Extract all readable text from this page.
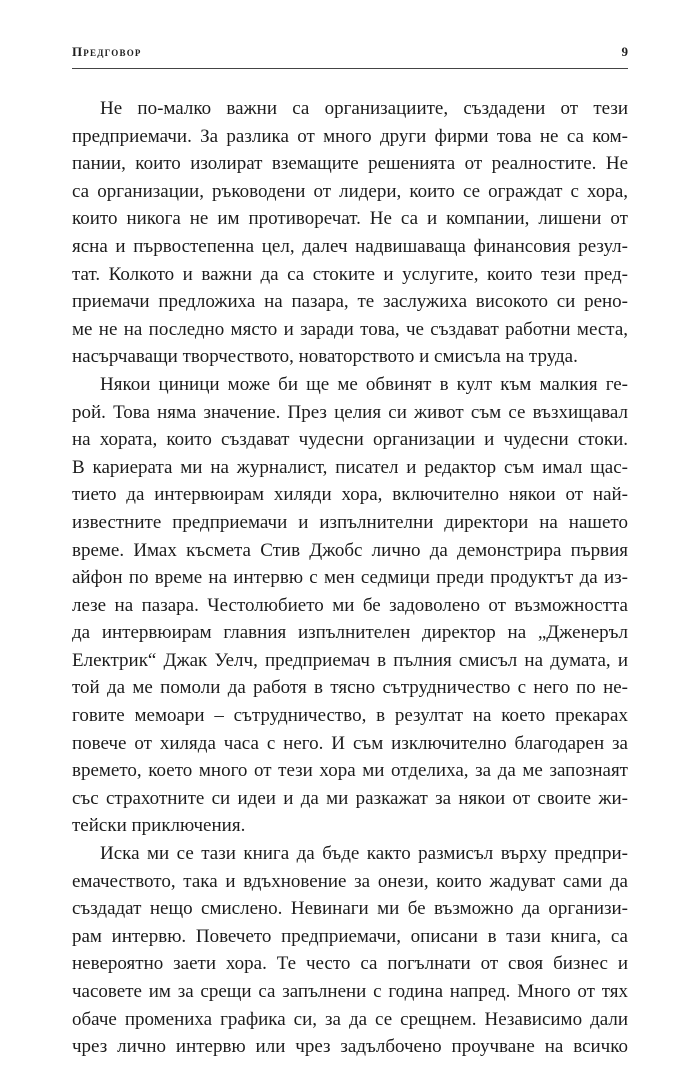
Предговор	9
Не по-малко важни са организациите, създадени от тези
предприемачи. За разлика от много други фирми това не са ком-
пании, които изолират вземащите решенията от реалностите. Не
са организации, ръководени от лидери, които се ограждат с хора,
които никога не им противоречат. Не са и компании, лишени от
ясна и първостепенна цел, далеч надвишаваща финансовия резул-
тат. Колкото и важни да са стоките и услугите, които тези пред-
приемачи предложиха на пазара, те заслужиха високото си рено-
ме не на последно място и заради това, че създават работни места,
насърчаващи творчеството, новаторството и смисъла на труда.
Някои циници може би ще ме обвинят в култ към малкия ге-
рой. Това няма значение. През целия си живот съм се възхищавал
на хората, които създават чудесни организации и чудесни стоки.
В кариерата ми на журналист, писател и редактор съм имал щас-
тието да интервюирам хиляди хора, включително някои от най-
известните предприемачи и изпълнителни директори на нашето
време. Имах късмета Стив Джобс лично да демонстрира първия
айфон по време на интервю с мен седмици преди продуктът да из-
лезе на пазара. Честолюбието ми бе задоволено от възможността
да интервюирам главния изпълнителен директор на „Дженеръл
Електрик“ Джак Уелч, предприемач в пълния смисъл на думата, и
той да ме помоли да работя в тясно сътрудничество с него по не-
говите мемоари – сътрудничество, в резултат на което прекарах
повече от хиляда часа с него. И съм изключително благодарен за
времето, което много от тези хора ми отделиха, за да ме запознаят
със страхотните си идеи и да ми разкажат за някои от своите жи-
тейски приключения.
Иска ми се тази книга да бъде както размисъл върху предпри-
емачеството, така и вдъхновение за онези, които жадуват сами да
създадат нещо смислено. Невинаги ми бе възможно да организи-
рам интервю. Повечето предприемачи, описани в тази книга, са
невероятно заети хора. Те често са погълнати от своя бизнес и
часовете им за срещи са запълнени с година напред. Много от тях
обаче промениха графика си, за да се срещнем. Независимо дали
чрез лично интервю или чрез задълбочено проучване на всичко
